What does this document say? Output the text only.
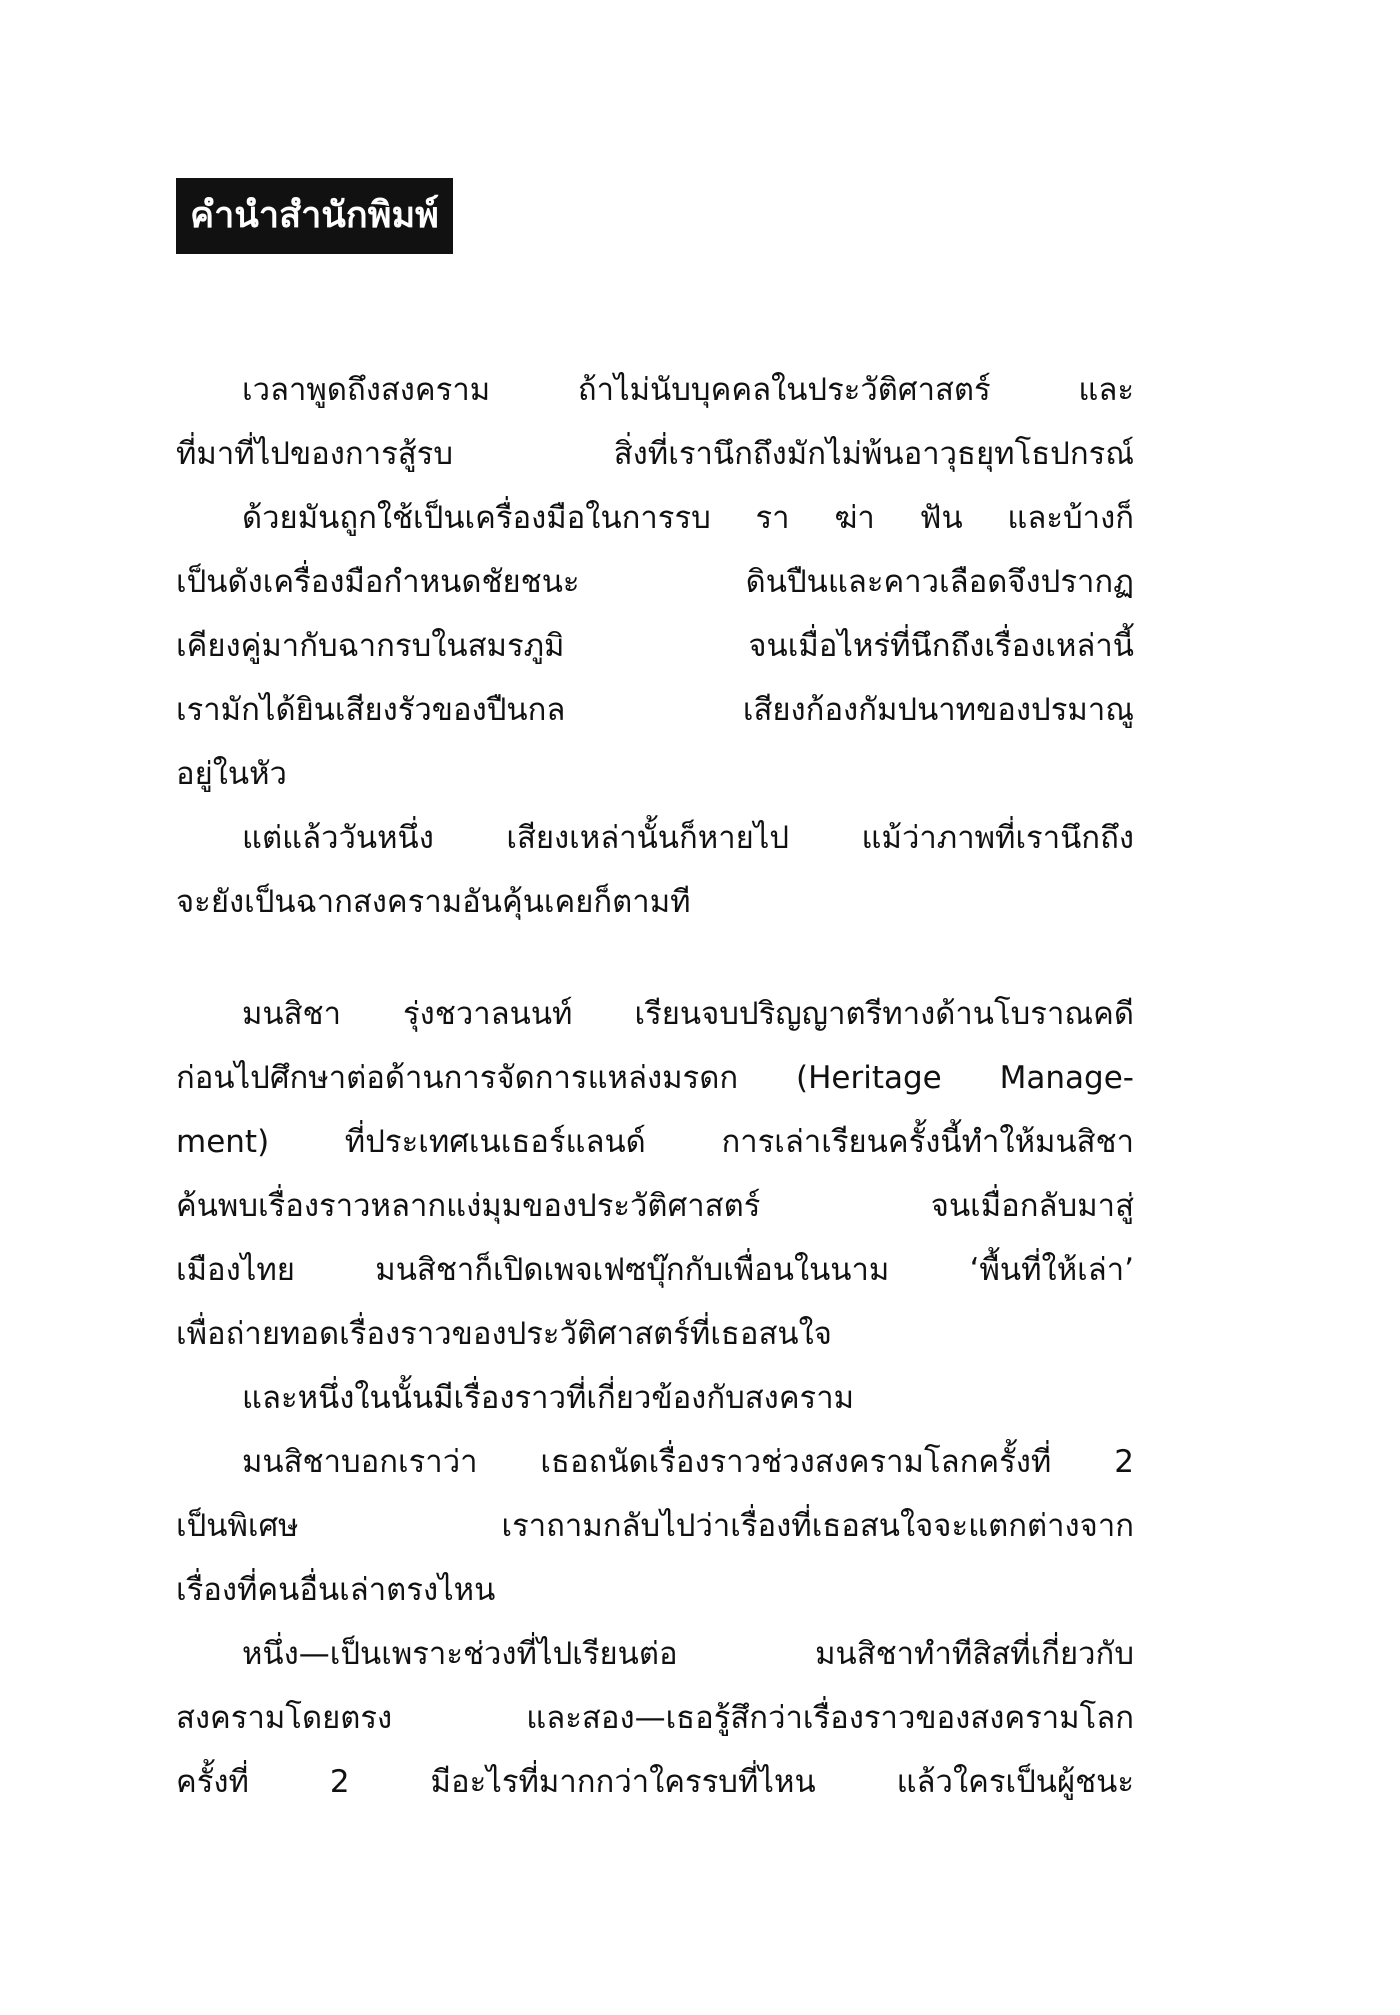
คำนำสำนักพิมพ์
เวลาพูดถึงสงคราม ถ้าไม่นับบุคคลในประวัติศาสตร์ และ
ที่มาที่ไปของการสู้รบ สิ่งที่เรานึกถึงมักไม่พ้นอาวุธยุทโธปกรณ์
ด้วยมันถูกใช้เป็นเครื่องมือในการรบ รา ฆ่า ฟัน และบ้างก็
เป็นดังเครื่องมือกำหนดชัยชนะ ดินปืนและคาวเลือดจึงปรากฏ
เคียงคู่มากับฉากรบในสมรภูมิ จนเมื่อไหร่ที่นึกถึงเรื่องเหล่านี้
เรามักได้ยินเสียงรัวของปืนกล เสียงก้องกัมปนาทของปรมาณู
อยู่ในหัว
แต่แล้ววันหนึ่ง เสียงเหล่านั้นก็หายไป แม้ว่าภาพที่เรานึกถึง
จะยังเป็นฉากสงครามอันคุ้นเคยก็ตามที
มนสิชา รุ่งชวาลนนท์ เรียนจบปริญญาตรีทางด้านโบราณคดี
ก่อนไปศึกษาต่อด้านการจัดการแหล่งมรดก (Heritage Manage-
ment) ที่ประเทศเนเธอร์แลนด์ การเล่าเรียนครั้งนี้ทำให้มนสิชา
ค้นพบเรื่องราวหลากแง่มุมของประวัติศาสตร์ จนเมื่อกลับมาสู่
เมืองไทย มนสิชาก็เปิดเพจเฟซบุ๊กกับเพื่อนในนาม ‘พื้นที่ให้เล่า’
เพื่อถ่ายทอดเรื่องราวของประวัติศาสตร์ที่เธอสนใจ
และหนึ่งในนั้นมีเรื่องราวที่เกี่ยวข้องกับสงคราม
มนสิชาบอกเราว่า เธอถนัดเรื่องราวช่วงสงครามโลกครั้งที่ 2
เป็นพิเศษ เราถามกลับไปว่าเรื่องที่เธอสนใจจะแตกต่างจาก
เรื่องที่คนอื่นเล่าตรงไหน
หนึ่ง—เป็นเพราะช่วงที่ไปเรียนต่อ มนสิชาทำทีสิสที่เกี่ยวกับ
สงครามโดยตรง และสอง—เธอรู้สึกว่าเรื่องราวของสงครามโลก
ครั้งที่ 2 มีอะไรที่มากกว่าใครรบที่ไหน แล้วใครเป็นผู้ชนะ
